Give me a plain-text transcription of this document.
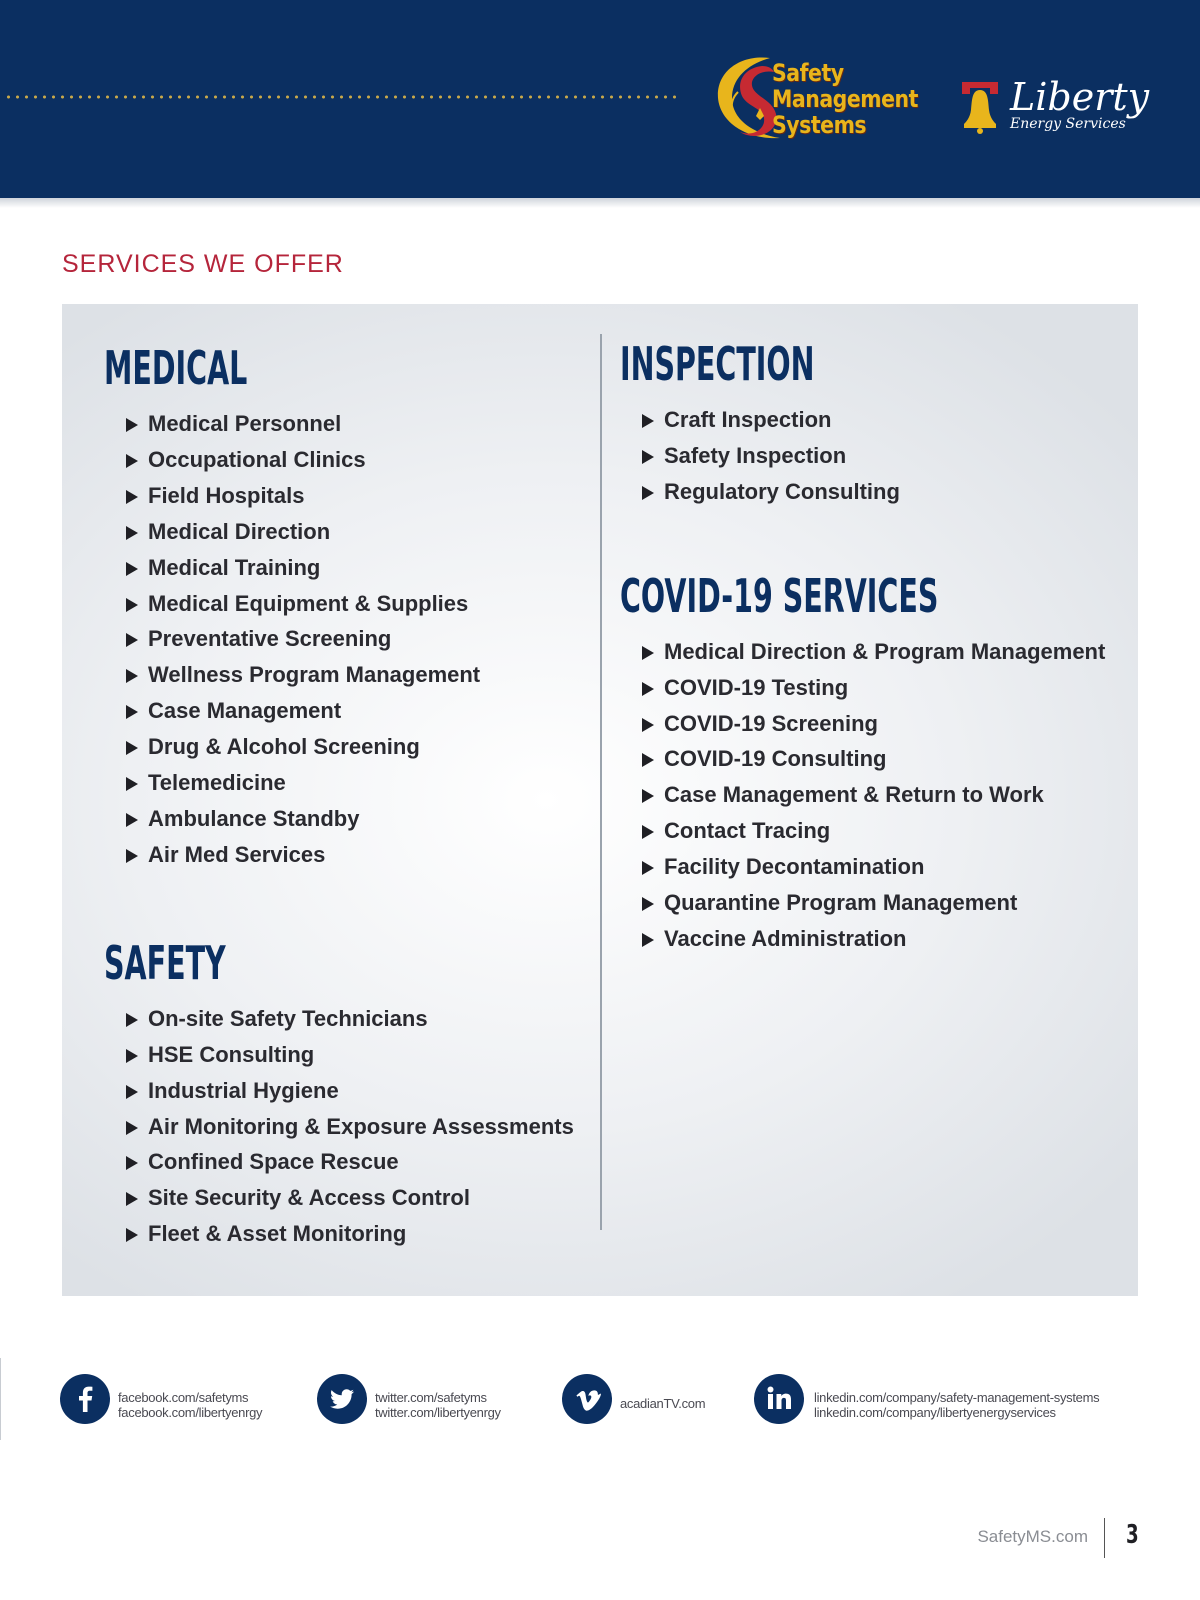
Safety
Management
Systems
Liberty
Energy Services
SERVICES WE OFFER
MEDICAL
Medical Personnel
Occupational Clinics
Field Hospitals
Medical Direction
Medical Training
Medical Equipment & Supplies
Preventative Screening
Wellness Program Management
Case Management
Drug & Alcohol Screening
Telemedicine
Ambulance Standby
Air Med Services
SAFETY
On-site Safety Technicians
HSE Consulting
Industrial Hygiene
Air Monitoring & Exposure Assessments
Confined Space Rescue
Site Security & Access Control
Fleet & Asset Monitoring
INSPECTION
Craft Inspection
Safety Inspection
Regulatory Consulting
COVID-19 SERVICES
Medical Direction & Program Management
COVID-19 Testing
COVID-19 Screening
COVID-19 Consulting
Case Management & Return to Work
Contact Tracing
Facility Decontamination
Quarantine Program Management
Vaccine Administration
facebook.com/safetyms
facebook.com/libertyenrgy
twitter.com/safetyms
twitter.com/libertyenrgy
acadianTV.com	linkedin.com/company/safety-management-systems
linkedin.com/company/libertyenergyservices
SafetyMS.com 3
